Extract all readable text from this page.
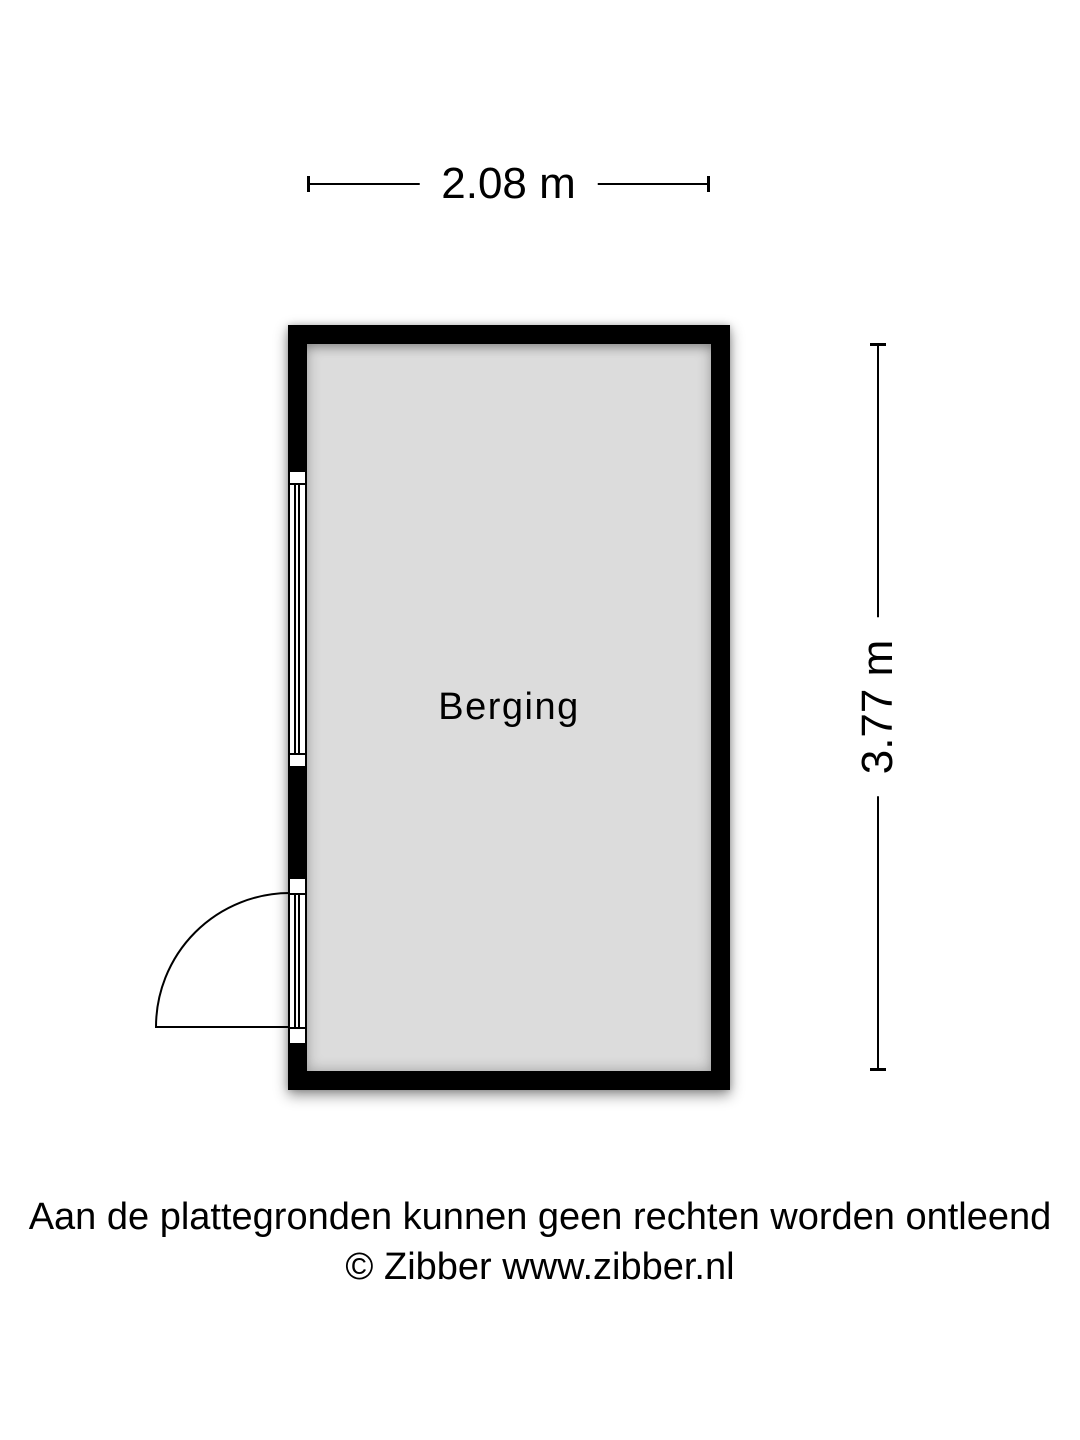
2.08 m
Berging	3.77 m
Aan de plattegronden kunnen geen rechten worden ontleend
© Zibber www.zibber.nl
